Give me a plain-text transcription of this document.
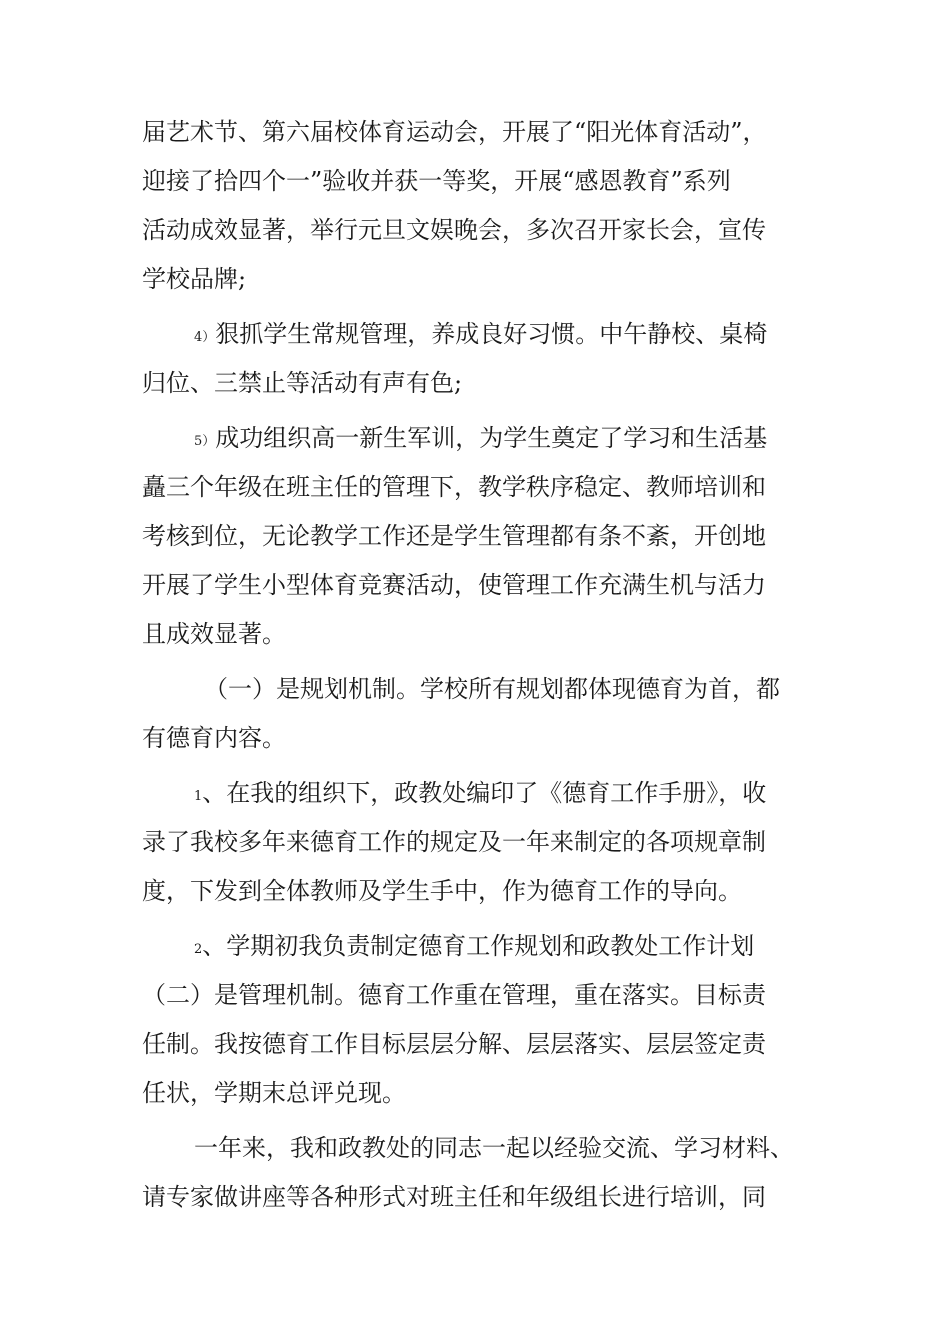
届艺术节、第六届校体育运动会，开展了“阳光体育活动”，
迎接了拾四个一”验收并获一等奖，开展“感恩教育”系列
活动成效显著，举行元旦文娱晚会，多次召开家长会，宣传
学校品牌;
4）狠抓学生常规管理，养成良好习惯。中午静校、桌椅
归位、三禁止等活动有声有色;
5）成功组织高一新生军训，为学生奠定了学习和生活基
矗三个年级在班主任的管理下，教学秩序稳定、教师培训和
考核到位，无论教学工作还是学生管理都有条不紊，开创地
开展了学生小型体育竞赛活动，使管理工作充满生机与活力
且成效显著。
（一）是规划机制。学校所有规划都体现德育为首，都
有德育内容。
1、在我的组织下，政教处编印了《德育工作手册》，收
录了我校多年来德育工作的规定及一年来制定的各项规章制
度，下发到全体教师及学生手中，作为德育工作的导向。
2、学期初我负责制定德育工作规划和政教处工作计划
（二）是管理机制。德育工作重在管理，重在落实。目标责
任制。我按德育工作目标层层分解、层层落实、层层签定责
任状，学期末总评兑现。
一年来，我和政教处的同志一起以经验交流、学习材料、
请专家做讲座等各种形式对班主任和年级组长进行培训，同
